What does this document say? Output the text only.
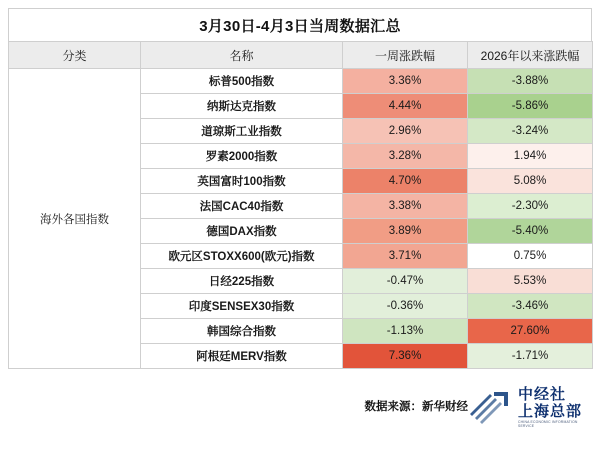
3月30日-4月3日当周数据汇总
分类	名称	一周涨跌幅	2026年以来涨跌幅
海外各国指数	标普500指数	3.36%	-3.88%
	纳斯达克指数	4.44%	-5.86%
	道琼斯工业指数	2.96%	-3.24%
	罗素2000指数	3.28%	1.94%
	英国富时100指数	4.70%	5.08%
	法国CAC40指数	3.38%	-2.30%
	德国DAX指数	3.89%	-5.40%
	欧元区STOXX600(欧元)指数	3.71%	0.75%
	日经225指数	-0.47%	5.53%
	印度SENSEX30指数	-0.36%	-3.46%
	韩国综合指数	-1.13%	27.60%
	阿根廷MERV指数	7.36%	-1.71%
数据来源：新华财经
中经社
上海总部
CHINA ECONOMIC INFORMATION SERVICE
